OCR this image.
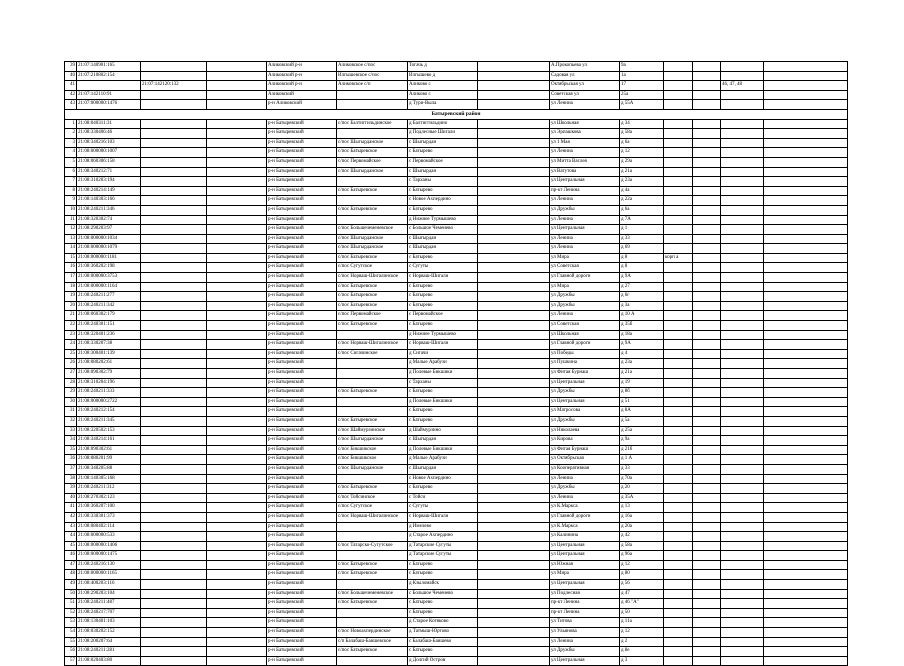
39	21:07:140901:165			Аликовский р-н	Аликовское с/пос	Тогачь д		А.Прокопьева ул	9а				
40	21:07:210802:154			Аликовский р-н	Илгышевское с/пос	Илгышево д		Садовая ул	1а				
41		21:07:142120:132		Аликовский р-н	Аликовское с/п	Аликово с		Октябрьская ул	17			46, 47, 48	
42	21:07:142110:91			Аликовский		Аликово с		Советская ул	25а				
43	21:07:000000:1476			р-н Аликовский		д Тури-Выла		ул Ленина	д 55А				
Батыревский район													
1	21:08:040311:31			р-н Батыревский	с/пос Балтиггильдинское	д Балтиггильдино		ул Школьная	д 34				
2	21:08:330406:46			р-н Батыревский		д Подлесные Шигали		ул Эрпашкова	д 58а				
3	21:08:340216:103			р-н Батыревский	с/пос Шыгырданское	с Шыгырдан		ул 1 Мая	д 6а				
4	21:08:000000:1007			р-н Батыревский	с/пос Батыревское	с Батырево		ул Ленина	д 12				
5	21:08:060306:158			р-н Батыревский	с/пос Первомайское	с Первомайское		ул Митта Васлея	д 29а				
6	21:08:340212:71			р-н Батыревский	с/пос Шыгырданское	с Шыгырдан		ул Ватутова	д 21а				
7	21:08:310203:194			р-н Батыревский		с Тарханы		ул Центральная	д 23а				
8	21:08:240214:149			р-н Батыревский	с/пос Батыревское	с Батырево		пр-кт Ленина	д 4а				
9	21:08:140303:166			р-н Батыревский		с Новое Ахпердино		ул Ленина	д 22а				
10	21:08:240211:346			р-н Батыревский	с/пос Батыревское	с Батырево		ул Дружбы	д 6а				
11	21:08:320302:74			р-н Батыревский		д Нижнее Турмышево		ул Ленина	д 7А				
12	21:08:290203:97			р-н Батыревский	с/пос Большечеменевское	с Большое Чеменево		ул Центральная	д 1				
13	21:08:000000:1034			р-н Батыревский	с/пос Шыгырданское	с Шыгырдан		ул Ленина	д 33				
14	21:08:000000:1079			р-н Батыревский	с/пос Шыгырданское	с Шыгырдан		ул Ленина	д 69				
15	21:08:000000:1181			р-н Батыревский	с/пос Батыревское	с Батырево		ул Мира	д 8	корп а			
16	21:08:360202:198			р-н Батыревский	с/пос Сугутское	с Сугуты		ул Советская	д 8				
17	21:08:000000:3753			р-н Батыревский	с/пос Норваш-Шигалинское	с Норваш-Шигали		ул Главной дороги	д 9А				
18	21:08:000000:1164			р-н Батыревский	с/пос Батыревское	с Батырево		ул Мира	д 27				
19	21:08:240211:277			р-н Батыревский	с/пос Батыревское	с Батырево		ул Дружбы	д 6г				
20	21:08:240211:342			р-н Батыревский	с/пос Батыревское	с Батырево		ул Дружбы	д 3а				
21	21:08:060302:179			р-н Батыревский	с/пос Первомайское	с Первомайское		ул Ленина	д 10 А				
22	21:08:240301:151			р-н Батыревский	с/пос Батыревское	с Батырево		ул Советская	д 35б				
23	21:08:320401:236			р-н Батыревский		д Нижнее Турмышево		ул Школьная	д 18а				
24	21:08:330207:38			р-н Батыревский	с/пос Норваш-Шигалинское	с Норваш-Шигали		ул Главной дороги	д 9А				
25	21:08:300401:139			р-н Батыревский	с/пос Сигачинское	д Сигачи		ул Победы	д 4				
26	21:08:080202:61			р-н Батыревский		д Малые Арабузи		ул Пушкина	д 23а				
27	21:08:090302:79			р-н Батыревский		д Полевые Бикшики		ул Фитая Бурнаш	д 21а				
28	21:08:310204:196			р-н Батыревский		с Тарханы		ул Центральная	д 19				
29	21:08:240211:333			р-н Батыревский	с/пос Батыревское	с Батырево		ул Дружбы	д 8б				
30	21:08:000000:2722			р-н Батыревский		д Полевые Бикшики		ул Центральная	д 51				
31	21:08:240212:154			р-н Батыревский		с Батырево		ул Матросова	д 8А				
32	21:08:240211:345			р-н Батыревский	с/пос Батыревское	с Батырево		ул Дружбы	д 5а				
33	21:08:320502:153			р-н Батыревский	с/пос Шаймурзинское	д Шаймурзино		ул Николаева	д 25а				
34	21:08:340214:161			р-н Батыревский	с/пос Шыгырданское	с Шыгырдан		ул Кирова	д 9а				
35	21:08:090302:61			р-н Батыревский	с/пос Бикшикское	д Полевые Бикшики		ул Фитая Бурнаш	д 21б				
36	21:08:080201:99			р-н Батыревский	с/пос Бикшикское	д Малые Арабузи		ул Октябрьская	д 1 А				
37	21:08:340205:88			р-н Батыревский	с/пос Шыгырданское	с Шыгырдан		ул Кооперативная	д 33				
38	21:08:140305:168			р-н Батыревский		с Новое Ахпердино		ул Ленина	д 70а				
39	21:08:240211:312			р-н Батыревский	с/пос Батыревское	с Батырево		ул Дружбы	д 20				
40	21:08:270302:123			р-н Батыревский	с/пос Тойсинское	с Тойси		ул Ленина	д 35А				
41	21:08:360207:100			р-н Батыревский	с/пос Сугутское	с Сугуты		ул К.Маркса	д 13				
42	21:08:330301:373			р-н Батыревский	с/пос Норваш-Шигалинское	с Норваш-Шигали		ул Главной дороги	д 16а				
43	21:08:080402:114			р-н Батыревский		д Имелево		ул К.Маркса	д 20а				
44	21:08:000000:533			р-н Батыревский		д Старое Ахпердино		ул Калинина	д 42				
45	21:08:000000:1406			р-н Батыревский	с/пос Татарско-Сугутское	д Татарские Сугуты		ул Центральная	д 58а				
46	21:08:000000:1475			р-н Батыревский		д Татарские Сугуты		ул Центральная	д 96а				
47	21:08:240216:130			р-н Батыревский	с/пос Батыревское	с Батырево		ул Южная	д 12				
48	21:08:000000:1165			р-н Батыревский	с/пос Батыревское	с Батырево		ул Мира	д 80				
49	21:08:400203:116			р-н Батыревский		д Кзыломайск		ул Центральная	д 56				
50	21:08:290203:104			р-н Батыревский	с/пос Большечеменевское	с Большое Чеменево		ул Подлесная	д 47				
51	21:08:240211:487			р-н Батыревский	с/пос Батыревское	с Батырево		пр-кт Ленина	д 46 "А"				
52	21:08:240217:707			р-н Батыревский		с Батырево		пр-кт Ленина	д 50				
53	21:08:130401:103			р-н Батыревский		д Старое Котяково		ул Титова	д 11а				
54	21:08:030202:152			р-н Батыревский	с/пос Новоахпердинское	д Татмыш-Юртово		ул Ульянова	д 12				
55	21:08:200207:64			р-н Батыревский	с/п Балабаш-Баишевское	с Балабаш-Баишево		ул Ленина	д 2				
56	21:08:240211:281			р-н Батыревский	с/пос Батыревское	с Батырево		ул Дружбы	д 8е				
57	21:08:020403:80			р-н Батыревский		д Долгий Остров		ул Центральная	д 3				
